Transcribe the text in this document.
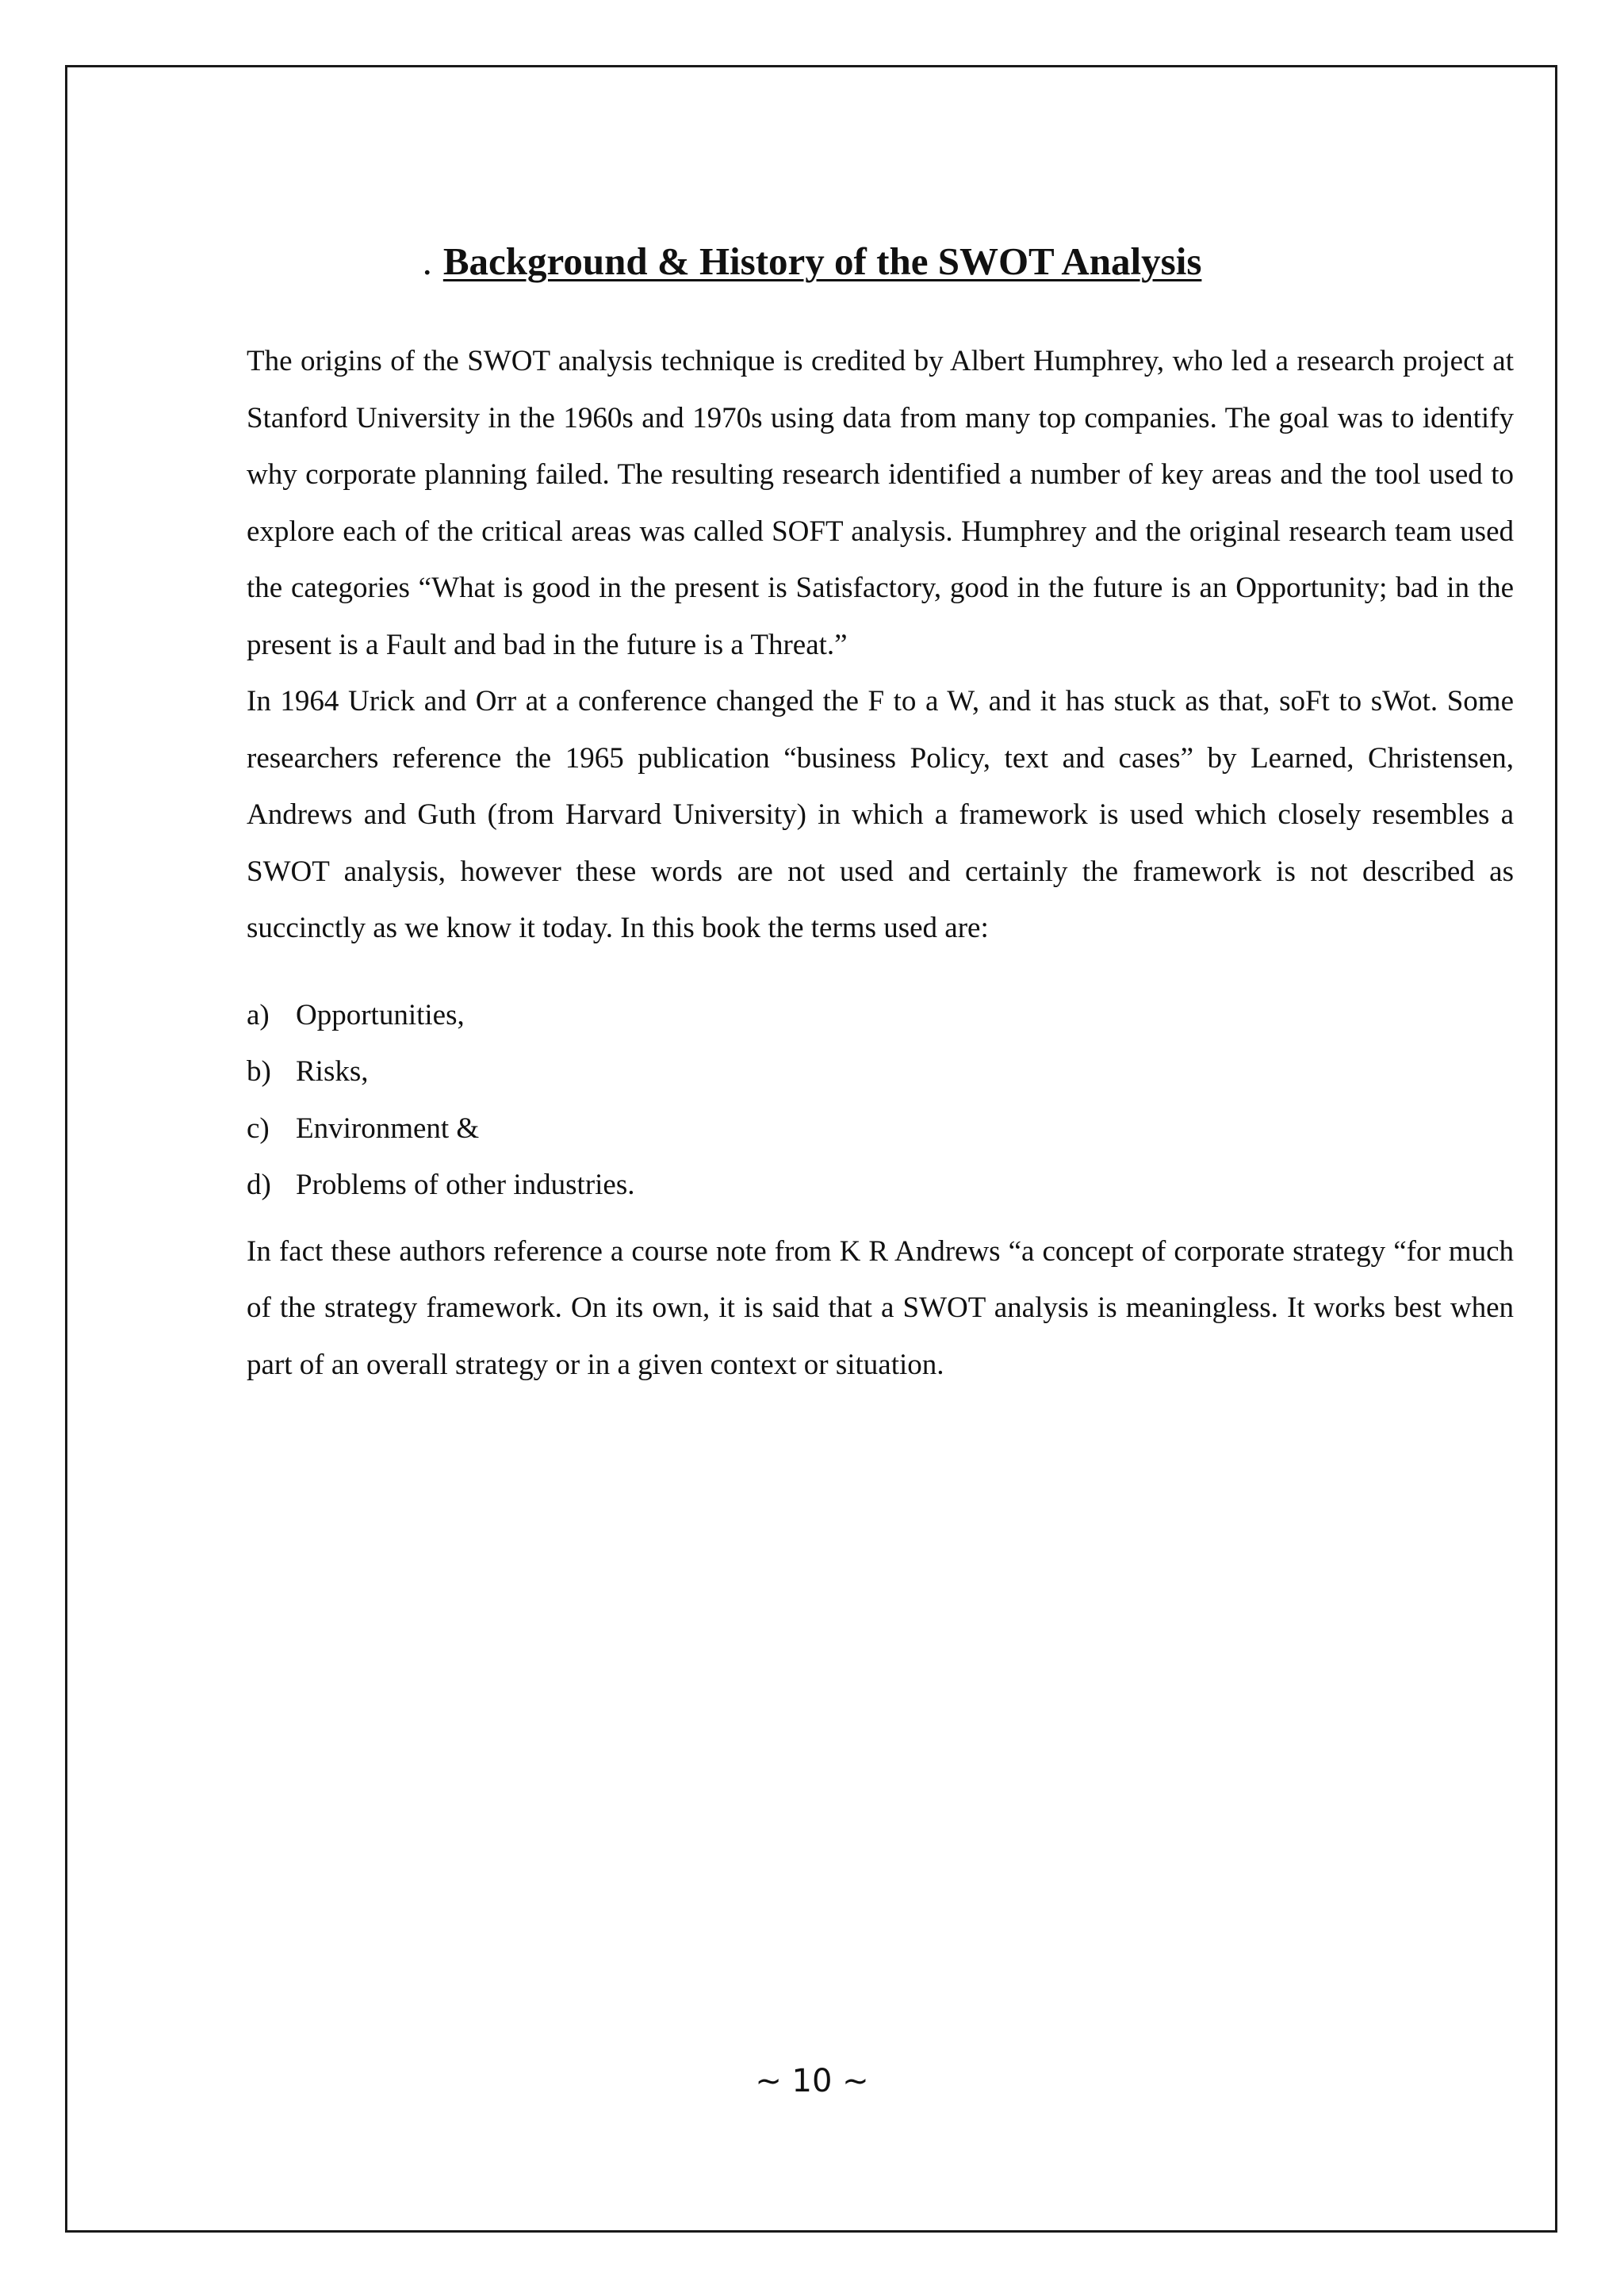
. Background & History of the SWOT Analysis

The origins of the SWOT analysis technique is credited by Albert Humphrey, who led a research project at Stanford University in the 1960s and 1970s using data from many top companies. The goal was to identify why corporate planning failed. The resulting research identified a number of key areas and the tool used to explore each of the critical areas was called SOFT analysis. Humphrey and the original research team used the categories “What is good in the present is Satisfactory, good in the future is an Opportunity; bad in the present is a Fault and bad in the future is a Threat.”

In 1964 Urick and Orr at a conference changed the F to a W, and it has stuck as that, soFt to sWot. Some researchers reference the 1965 publication “business Policy, text and cases” by Learned, Christensen, Andrews and Guth (from Harvard University) in which a framework is used which closely resembles a SWOT analysis, however these words are not used and certainly the framework is not described as succinctly as we know it today. In this book the terms used are:

a) Opportunities,
b) Risks,
c) Environment &
d) Problems of other industries.

In fact these authors reference a course note from K R Andrews “a concept of corporate strategy “for much of the strategy framework. On its own, it is said that a SWOT analysis is meaningless. It works best when part of an overall strategy or in a given context or situation.

~ 10 ~
